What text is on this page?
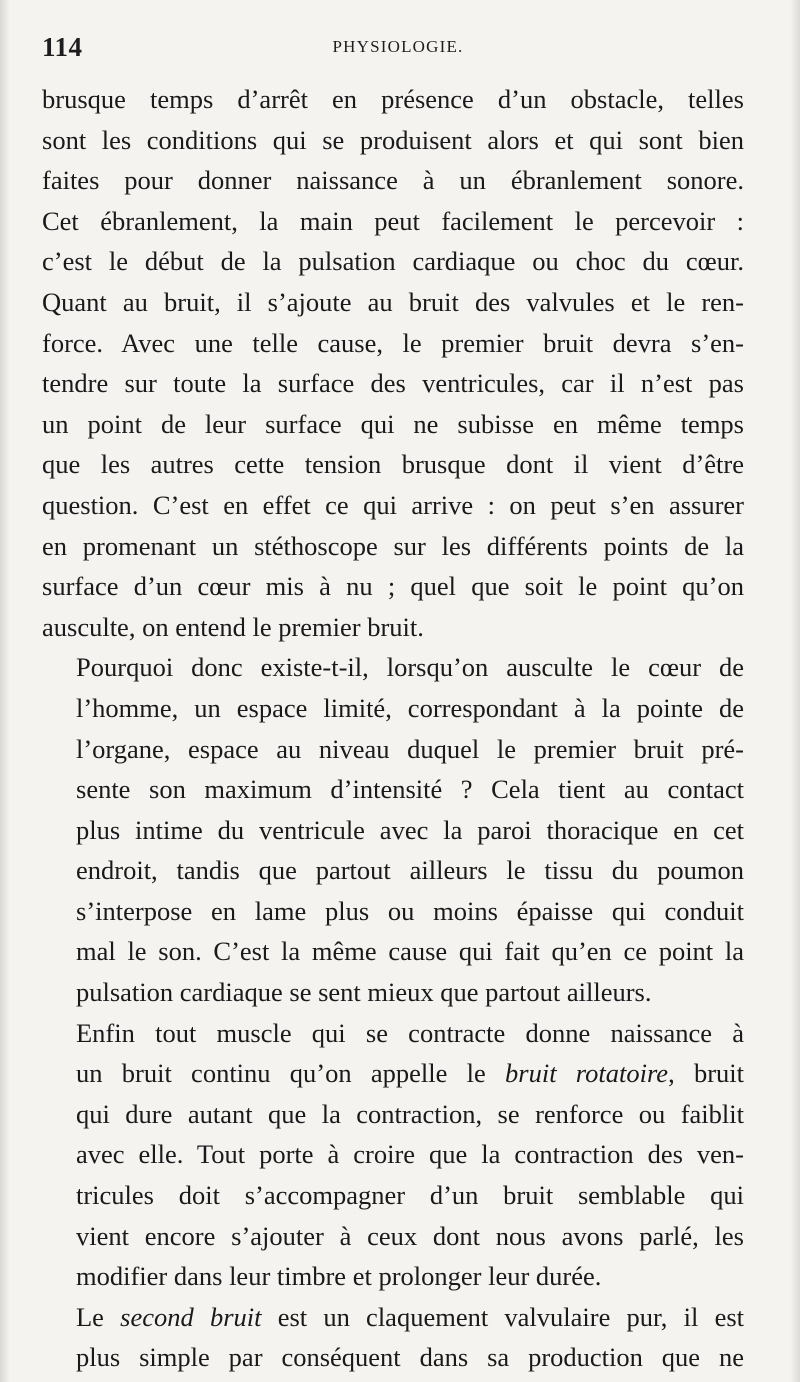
114	PHYSIOLOGIE.

brusque temps d’arrêt en présence d’un obstacle, telles
sont les conditions qui se produisent alors et qui sont bien
faites pour donner naissance à un ébranlement sonore.
Cet ébranlement, la main peut facilement le percevoir :
c’est le début de la pulsation cardiaque ou choc du cœur.
Quant au bruit, il s’ajoute au bruit des valvules et le ren-
force. Avec une telle cause, le premier bruit devra s’en-
tendre sur toute la surface des ventricules, car il n’est pas
un point de leur surface qui ne subisse en même temps
que les autres cette tension brusque dont il vient d’être
question. C’est en effet ce qui arrive : on peut s’en assurer
en promenant un stéthoscope sur les différents points de la
surface d’un cœur mis à nu ; quel que soit le point qu’on
ausculte, on entend le premier bruit.

Pourquoi donc existe-t-il, lorsqu’on ausculte le cœur de
l’homme, un espace limité, correspondant à la pointe de
l’organe, espace au niveau duquel le premier bruit pré-
sente son maximum d’intensité ? Cela tient au contact
plus intime du ventricule avec la paroi thoracique en cet
endroit, tandis que partout ailleurs le tissu du poumon
s’interpose en lame plus ou moins épaisse qui conduit
mal le son. C’est la même cause qui fait qu’en ce point la
pulsation cardiaque se sent mieux que partout ailleurs.

Enfin tout muscle qui se contracte donne naissance à
un bruit continu qu’on appelle le bruit rotatoire, bruit
qui dure autant que la contraction, se renforce ou faiblit
avec elle. Tout porte à croire que la contraction des ven-
tricules doit s’accompagner d’un bruit semblable qui
vient encore s’ajouter à ceux dont nous avons parlé, les
modifier dans leur timbre et prolonger leur durée.

Le second bruit est un claquement valvulaire pur, il est
plus simple par conséquent dans sa production que ne
